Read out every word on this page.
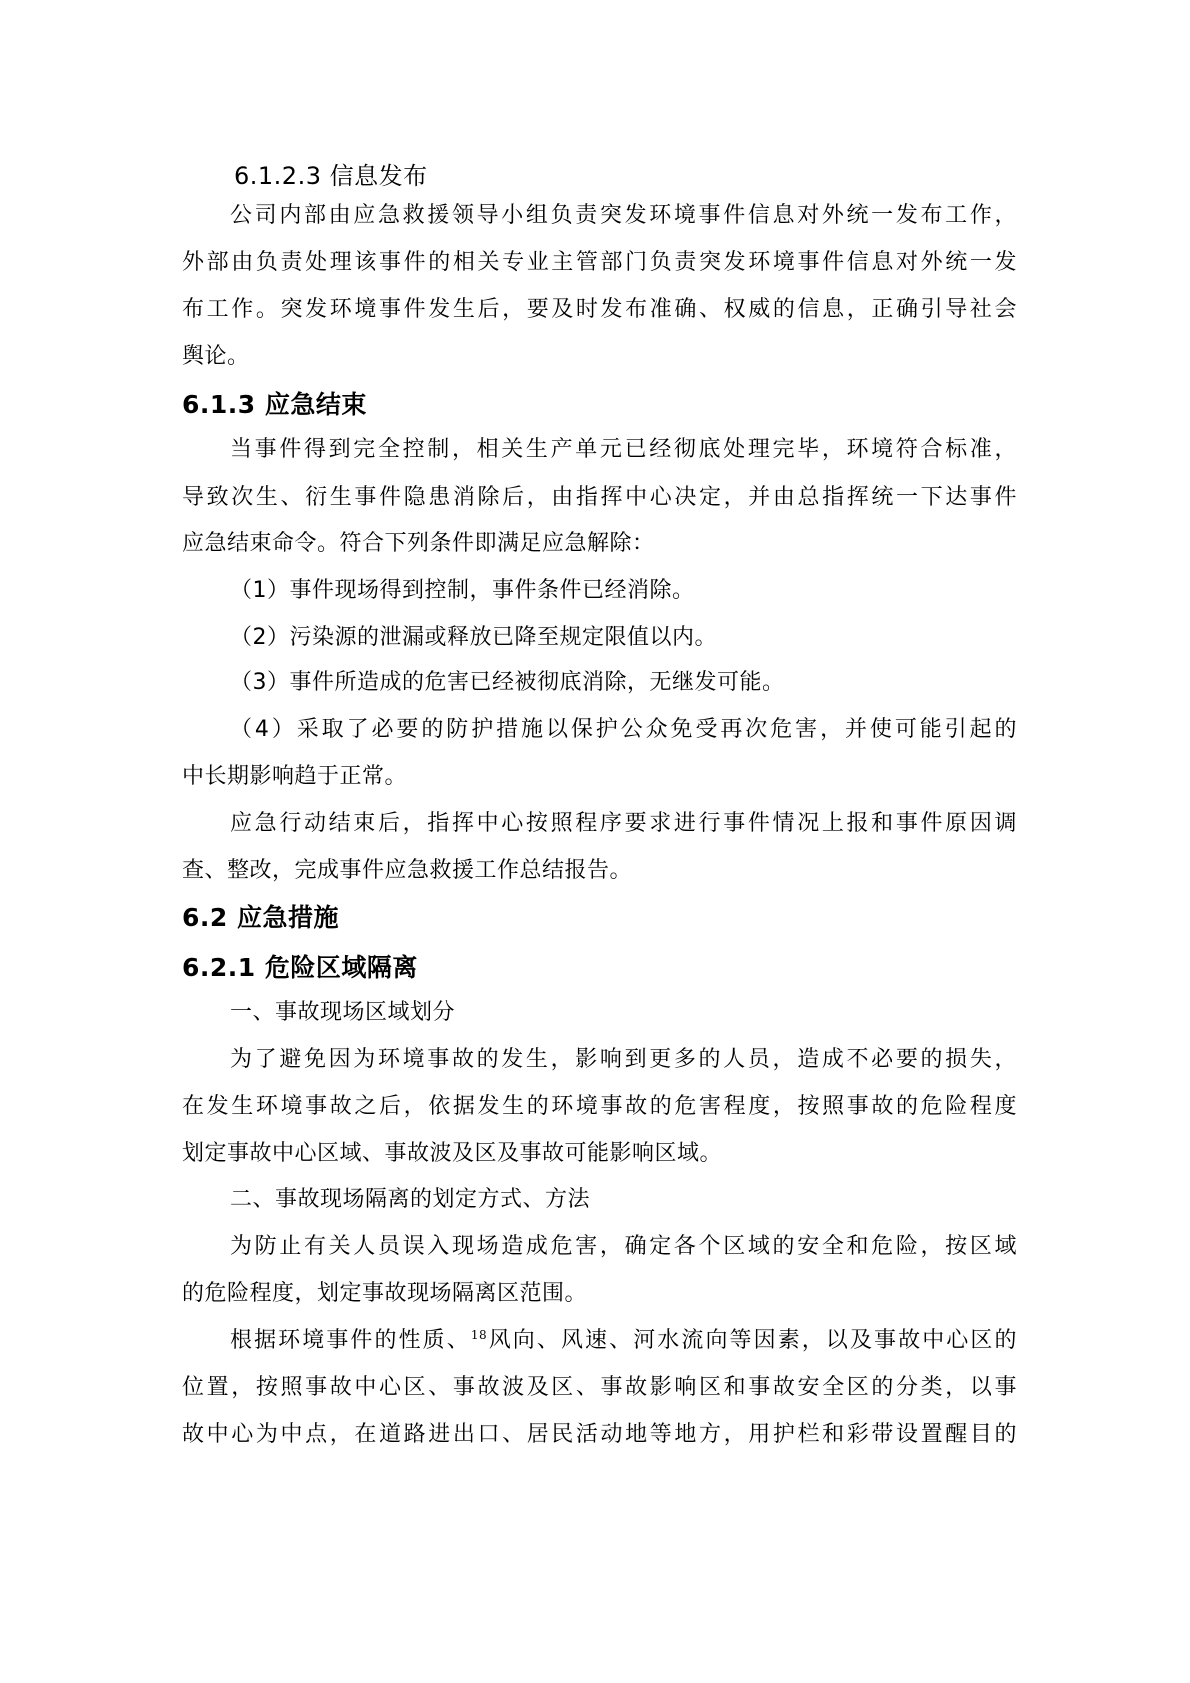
6.1.2.3 信息发布
公司内部由应急救援领导小组负责突发环境事件信息对外统一发布工作，
外部由负责处理该事件的相关专业主管部门负责突发环境事件信息对外统一发
布工作。突发环境事件发生后，要及时发布准确、权威的信息，正确引导社会
舆论。
6.1.3 应急结束
当事件得到完全控制，相关生产单元已经彻底处理完毕，环境符合标准，
导致次生、衍生事件隐患消除后，由指挥中心决定，并由总指挥统一下达事件
应急结束命令。符合下列条件即满足应急解除：
（1）事件现场得到控制，事件条件已经消除。
（2）污染源的泄漏或释放已降至规定限值以内。
（3）事件所造成的危害已经被彻底消除，无继发可能。
（4）采取了必要的防护措施以保护公众免受再次危害，并使可能引起的
中长期影响趋于正常。
应急行动结束后，指挥中心按照程序要求进行事件情况上报和事件原因调
查、整改，完成事件应急救援工作总结报告。
6.2 应急措施
6.2.1 危险区域隔离
一、事故现场区域划分
为了避免因为环境事故的发生，影响到更多的人员，造成不必要的损失，
在发生环境事故之后，依据发生的环境事故的危害程度，按照事故的危险程度
划定事故中心区域、事故波及区及事故可能影响区域。
二、事故现场隔离的划定方式、方法
为防止有关人员误入现场造成危害，确定各个区域的安全和危险，按区域
的危险程度，划定事故现场隔离区范围。
根据环境事件的性质、$^{18}$风向、风速、河水流向等因素，以及事故中心区的
位置，按照事故中心区、事故波及区、事故影响区和事故安全区的分类，以事
故中心为中点，在道路进出口、居民活动地等地方，用护栏和彩带设置醒目的
